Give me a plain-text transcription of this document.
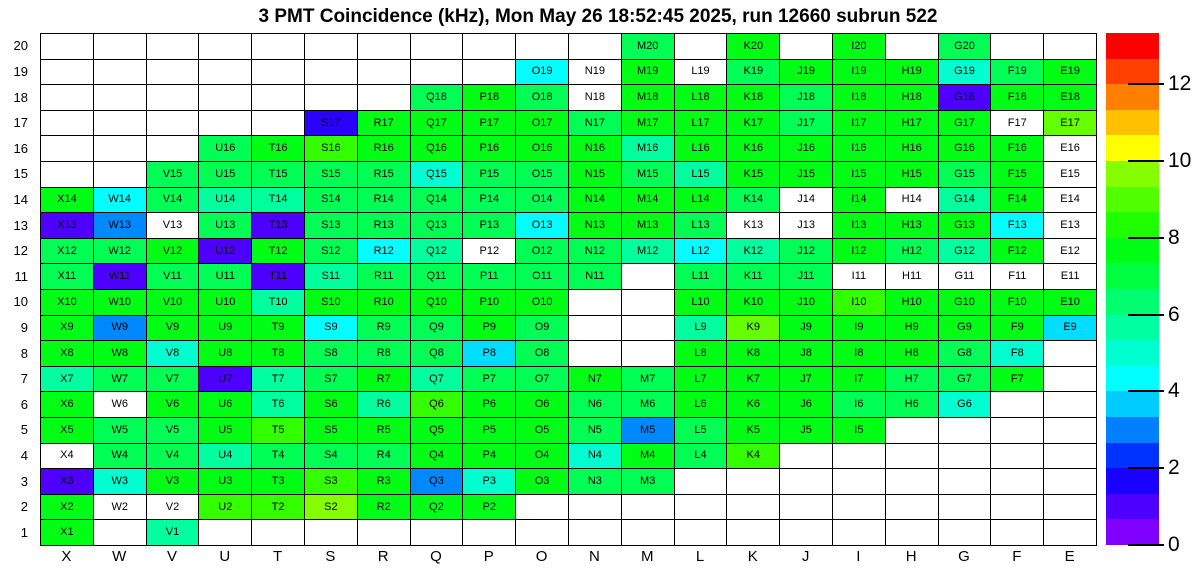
3 PMT Coincidence (kHz), Mon May 26 18:52:45 2025, run 12660 subrun 522
20
19
18
17
16
15
14
13
12
11
10
9
8
7
6
5
4
3
2
1
M20	K20	I20	G20
O19	N19	M19	L19	K19	J19	I19	H19	G19	F19	E19
Q18	P18	O18	N18	M18	L18	K18	J18	I18	H18	G18	F18	E18
S17	R17	Q17	P17	O17	N17	M17	L17	K17	J17	I17	H17	G17	F17	E17
U16	T16	S16	R16	Q16	P16	O16	N16	M16	L16	K16	J16	I16	H16	G16	F16	E16
V15	U15	T15	S15	R15	Q15	P15	O15	N15	M15	L15	K15	J15	I15	H15	G15	F15	E15
X14	W14	V14	U14	T14	S14	R14	Q14	P14	O14	N14	M14	L14	K14	J14	I14	H14	G14	F14	E14
X13	W13	V13	U13	T13	S13	R13	Q13	P13	O13	N13	M13	L13	K13	J13	I13	H13	G13	F13	E13
X12	W12	V12	U12	T12	S12	R12	Q12	P12	O12	N12	M12	L12	K12	J12	I12	H12	G12	F12	E12
X11	W11	V11	U11	T11	S11	R11	Q11	P11	O11	N11	L11	K11	J11	I11	H11	G11	F11	E11
X10	W10	V10	U10	T10	S10	R10	Q10	P10	O10	L10	K10	J10	I10	H10	G10	F10	E10
X9	W9	V9	U9	T9	S9	R9	Q9	P9	O9	L9	K9	J9	I9	H9	G9	F9	E9
X8	W8	V8	U8	T8	S8	R8	Q8	P8	O8	L8	K8	J8	I8	H8	G8	F8
X7	W7	V7	U7	T7	S7	R7	Q7	P7	O7	N7	M7	L7	K7	J7	I7	H7	G7	F7
X6	W6	V6	U6	T6	S6	R6	Q6	P6	O6	N6	M6	L6	K6	J6	I6	H6	G6
X5	W5	V5	U5	T5	S5	R5	Q5	P5	O5	N5	M5	L5	K5	J5	I5
X4	W4	V4	U4	T4	S4	R4	Q4	P4	O4	N4	M4	L4	K4
X3	W3	V3	U3	T3	S3	R3	Q3	P3	O3	N3	M3
X2	W2	V2	U2	T2	S2	R2	Q2	P2
X1	V1
X	W	V	U	T	S	R	Q	P	O	N	M	L	K	J	I	H	G	F	E
0
2
4
6
8
10
12
